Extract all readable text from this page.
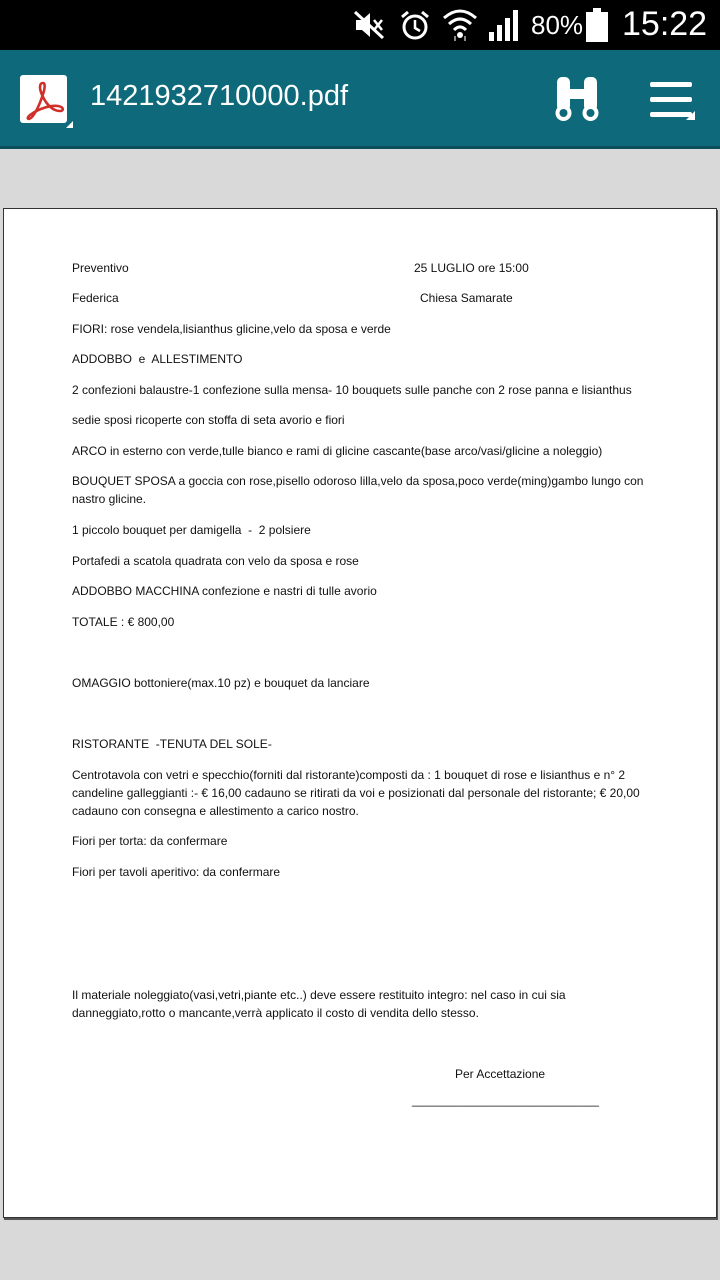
80% 15:22
1421932710000.pdf
Preventivo	25 LUGLIO ore 15:00
Federica	Chiesa Samarate
FIORI: rose vendela,lisianthus glicine,velo da sposa e verde
ADDOBBO  e  ALLESTIMENTO
2 confezioni balaustre-1 confezione sulla mensa- 10 bouquets sulle panche con 2 rose panna e lisianthus
sedie sposi ricoperte con stoffa di seta avorio e fiori
ARCO in esterno con verde,tulle bianco e rami di glicine cascante(base arco/vasi/glicine a noleggio)
BOUQUET SPOSA a goccia con rose,pisello odoroso lilla,velo da sposa,poco verde(ming)gambo lungo con nastro glicine.
1 piccolo bouquet per damigella  -  2 polsiere
Portafedi a scatola quadrata con velo da sposa e rose
ADDOBBO MACCHINA confezione e nastri di tulle avorio
TOTALE : € 800,00
OMAGGIO bottoniere(max.10 pz) e bouquet da lanciare
RISTORANTE  -TENUTA DEL SOLE-
Centrotavola con vetri e specchio(forniti dal ristorante)composti da : 1 bouquet di rose e lisianthus e n° 2 candeline galleggianti :- € 16,00 cadauno se ritirati da voi e posizionati dal personale del ristorante; € 20,00 cadauno con consegna e allestimento a carico nostro.
Fiori per torta: da confermare
Fiori per tavoli aperitivo: da confermare
Il materiale noleggiato(vasi,vetri,piante etc..) deve essere restituito integro: nel caso in cui sia danneggiato,rotto o mancante,verrà applicato il costo di vendita dello stesso.
Per Accettazione
____________________________
